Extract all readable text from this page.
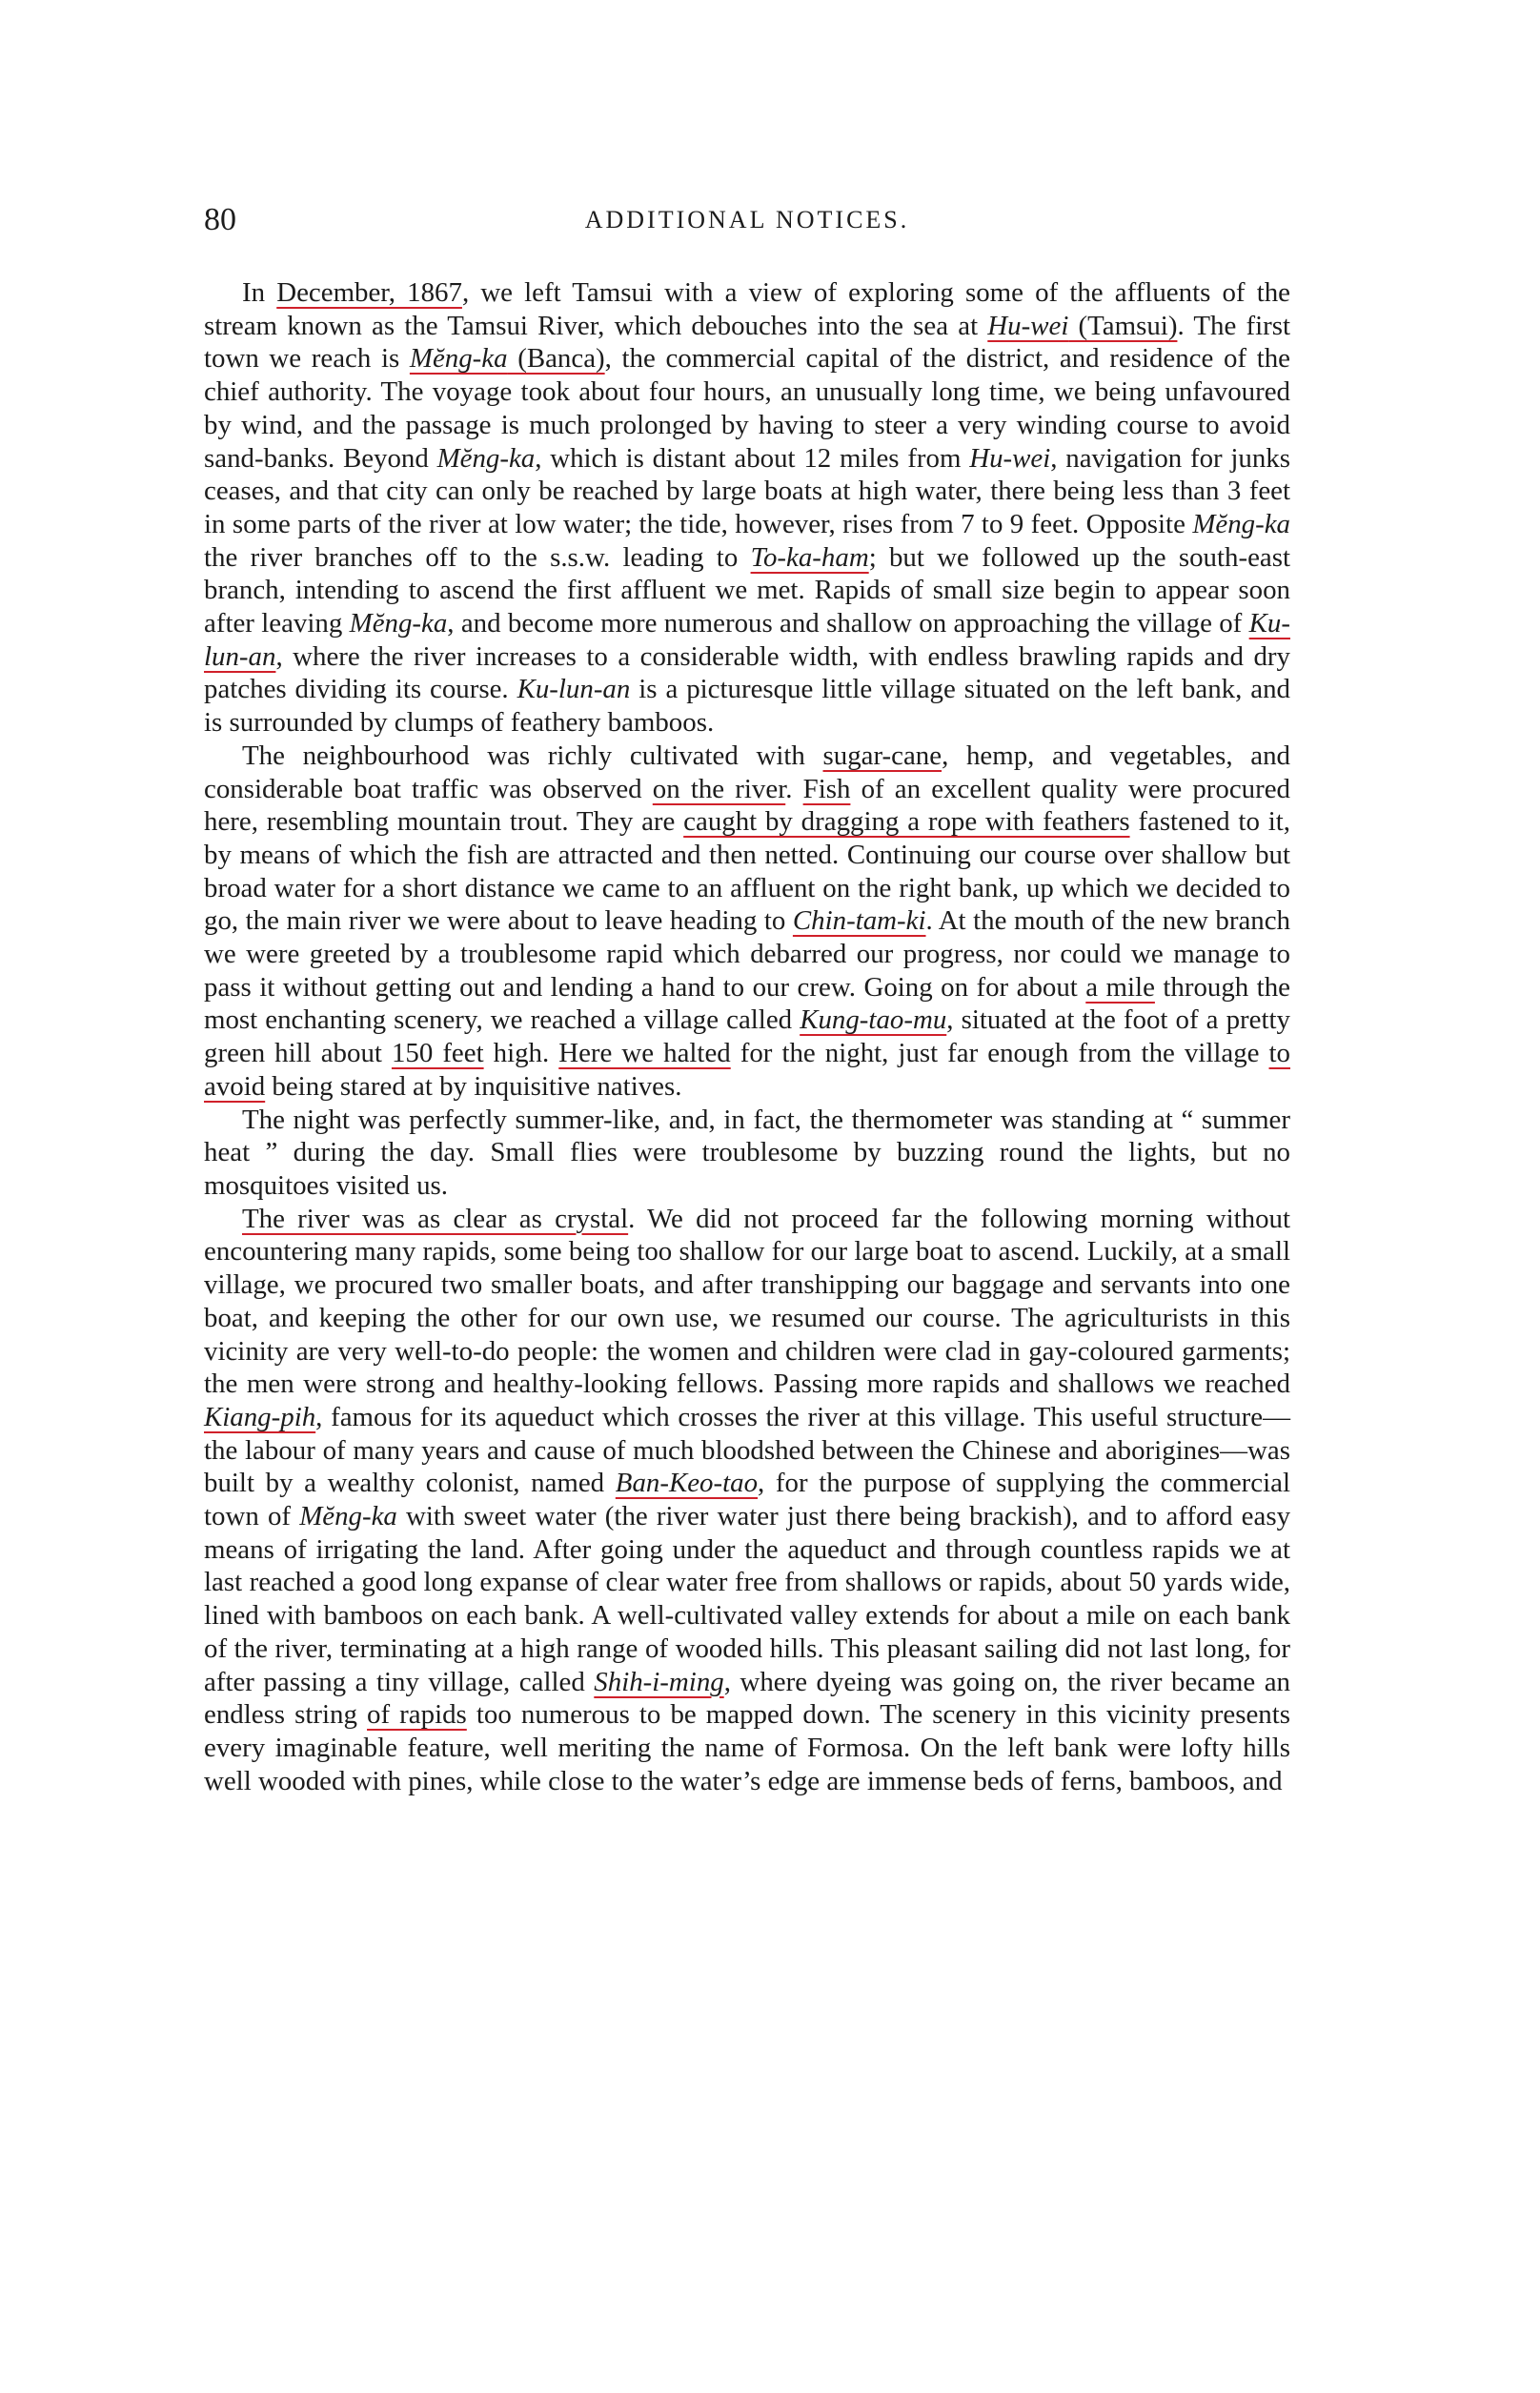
80	ADDITIONAL NOTICES.

In December, 1867, we left Tamsui with a view of exploring some of the affluents of the stream known as the Tamsui River, which debouches into the sea at Hu-wei (Tamsui). The first town we reach is Mĕng-ka (Banca), the commercial capital of the district, and residence of the chief authority. The voyage took about four hours, an unusually long time, we being unfavoured by wind, and the passage is much prolonged by having to steer a very winding course to avoid sand-banks. Beyond Mĕng-ka, which is distant about 12 miles from Hu-wei, navigation for junks ceases, and that city can only be reached by large boats at high water, there being less than 3 feet in some parts of the river at low water; the tide, however, rises from 7 to 9 feet. Opposite Mĕng-ka the river branches off to the s.s.w. leading to To-ka-ham; but we followed up the south-east branch, intending to ascend the first affluent we met. Rapids of small size begin to appear soon after leaving Mĕng-ka, and become more numerous and shallow on approaching the village of Ku-lun-an, where the river increases to a considerable width, with endless brawling rapids and dry patches dividing its course. Ku-lun-an is a picturesque little village situated on the left bank, and is surrounded by clumps of feathery bamboos.

The neighbourhood was richly cultivated with sugar-cane, hemp, and vegetables, and considerable boat traffic was observed on the river. Fish of an excellent quality were procured here, resembling mountain trout. They are caught by dragging a rope with feathers fastened to it, by means of which the fish are attracted and then netted. Continuing our course over shallow but broad water for a short distance we came to an affluent on the right bank, up which we decided to go, the main river we were about to leave heading to Chin-tam-ki. At the mouth of the new branch we were greeted by a troublesome rapid which debarred our progress, nor could we manage to pass it without getting out and lending a hand to our crew. Going on for about a mile through the most enchanting scenery, we reached a village called Kung-tao-mu, situated at the foot of a pretty green hill about 150 feet high. Here we halted for the night, just far enough from the village to avoid being stared at by inquisitive natives.

The night was perfectly summer-like, and, in fact, the thermometer was standing at “ summer heat ” during the day. Small flies were troublesome by buzzing round the lights, but no mosquitoes visited us.

The river was as clear as crystal. We did not proceed far the following morning without encountering many rapids, some being too shallow for our large boat to ascend. Luckily, at a small village, we procured two smaller boats, and after transhipping our baggage and servants into one boat, and keeping the other for our own use, we resumed our course. The agriculturists in this vicinity are very well-to-do people: the women and children were clad in gay-coloured garments; the men were strong and healthy-looking fellows. Passing more rapids and shallows we reached Kiang-pih, famous for its aqueduct which crosses the river at this village. This useful structure—the labour of many years and cause of much bloodshed between the Chinese and aborigines—was built by a wealthy colonist, named Ban-Keo-tao, for the purpose of supplying the commercial town of Mĕng-ka with sweet water (the river water just there being brackish), and to afford easy means of irrigating the land. After going under the aqueduct and through countless rapids we at last reached a good long expanse of clear water free from shallows or rapids, about 50 yards wide, lined with bamboos on each bank. A well-cultivated valley extends for about a mile on each bank of the river, terminating at a high range of wooded hills. This pleasant sailing did not last long, for after passing a tiny village, called Shih-i-ming, where dyeing was going on, the river became an endless string of rapids too numerous to be mapped down. The scenery in this vicinity presents every imaginable feature, well meriting the name of Formosa. On the left bank were lofty hills well wooded with pines, while close to the water’s edge are immense beds of ferns, bamboos, and
